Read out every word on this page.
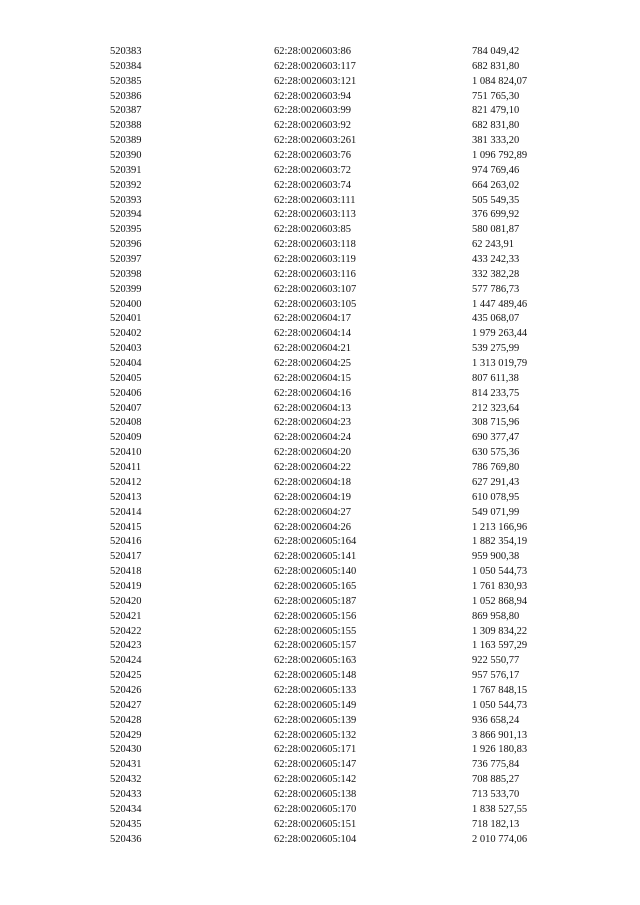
520383	62:28:0020603:86	784 049,42
520384	62:28:0020603:117	682 831,80
520385	62:28:0020603:121	1 084 824,07
520386	62:28:0020603:94	751 765,30
520387	62:28:0020603:99	821 479,10
520388	62:28:0020603:92	682 831,80
520389	62:28:0020603:261	381 333,20
520390	62:28:0020603:76	1 096 792,89
520391	62:28:0020603:72	974 769,46
520392	62:28:0020603:74	664 263,02
520393	62:28:0020603:111	505 549,35
520394	62:28:0020603:113	376 699,92
520395	62:28:0020603:85	580 081,87
520396	62:28:0020603:118	62 243,91
520397	62:28:0020603:119	433 242,33
520398	62:28:0020603:116	332 382,28
520399	62:28:0020603:107	577 786,73
520400	62:28:0020603:105	1 447 489,46
520401	62:28:0020604:17	435 068,07
520402	62:28:0020604:14	1 979 263,44
520403	62:28:0020604:21	539 275,99
520404	62:28:0020604:25	1 313 019,79
520405	62:28:0020604:15	807 611,38
520406	62:28:0020604:16	814 233,75
520407	62:28:0020604:13	212 323,64
520408	62:28:0020604:23	308 715,96
520409	62:28:0020604:24	690 377,47
520410	62:28:0020604:20	630 575,36
520411	62:28:0020604:22	786 769,80
520412	62:28:0020604:18	627 291,43
520413	62:28:0020604:19	610 078,95
520414	62:28:0020604:27	549 071,99
520415	62:28:0020604:26	1 213 166,96
520416	62:28:0020605:164	1 882 354,19
520417	62:28:0020605:141	959 900,38
520418	62:28:0020605:140	1 050 544,73
520419	62:28:0020605:165	1 761 830,93
520420	62:28:0020605:187	1 052 868,94
520421	62:28:0020605:156	869 958,80
520422	62:28:0020605:155	1 309 834,22
520423	62:28:0020605:157	1 163 597,29
520424	62:28:0020605:163	922 550,77
520425	62:28:0020605:148	957 576,17
520426	62:28:0020605:133	1 767 848,15
520427	62:28:0020605:149	1 050 544,73
520428	62:28:0020605:139	936 658,24
520429	62:28:0020605:132	3 866 901,13
520430	62:28:0020605:171	1 926 180,83
520431	62:28:0020605:147	736 775,84
520432	62:28:0020605:142	708 885,27
520433	62:28:0020605:138	713 533,70
520434	62:28:0020605:170	1 838 527,55
520435	62:28:0020605:151	718 182,13
520436	62:28:0020605:104	2 010 774,06
